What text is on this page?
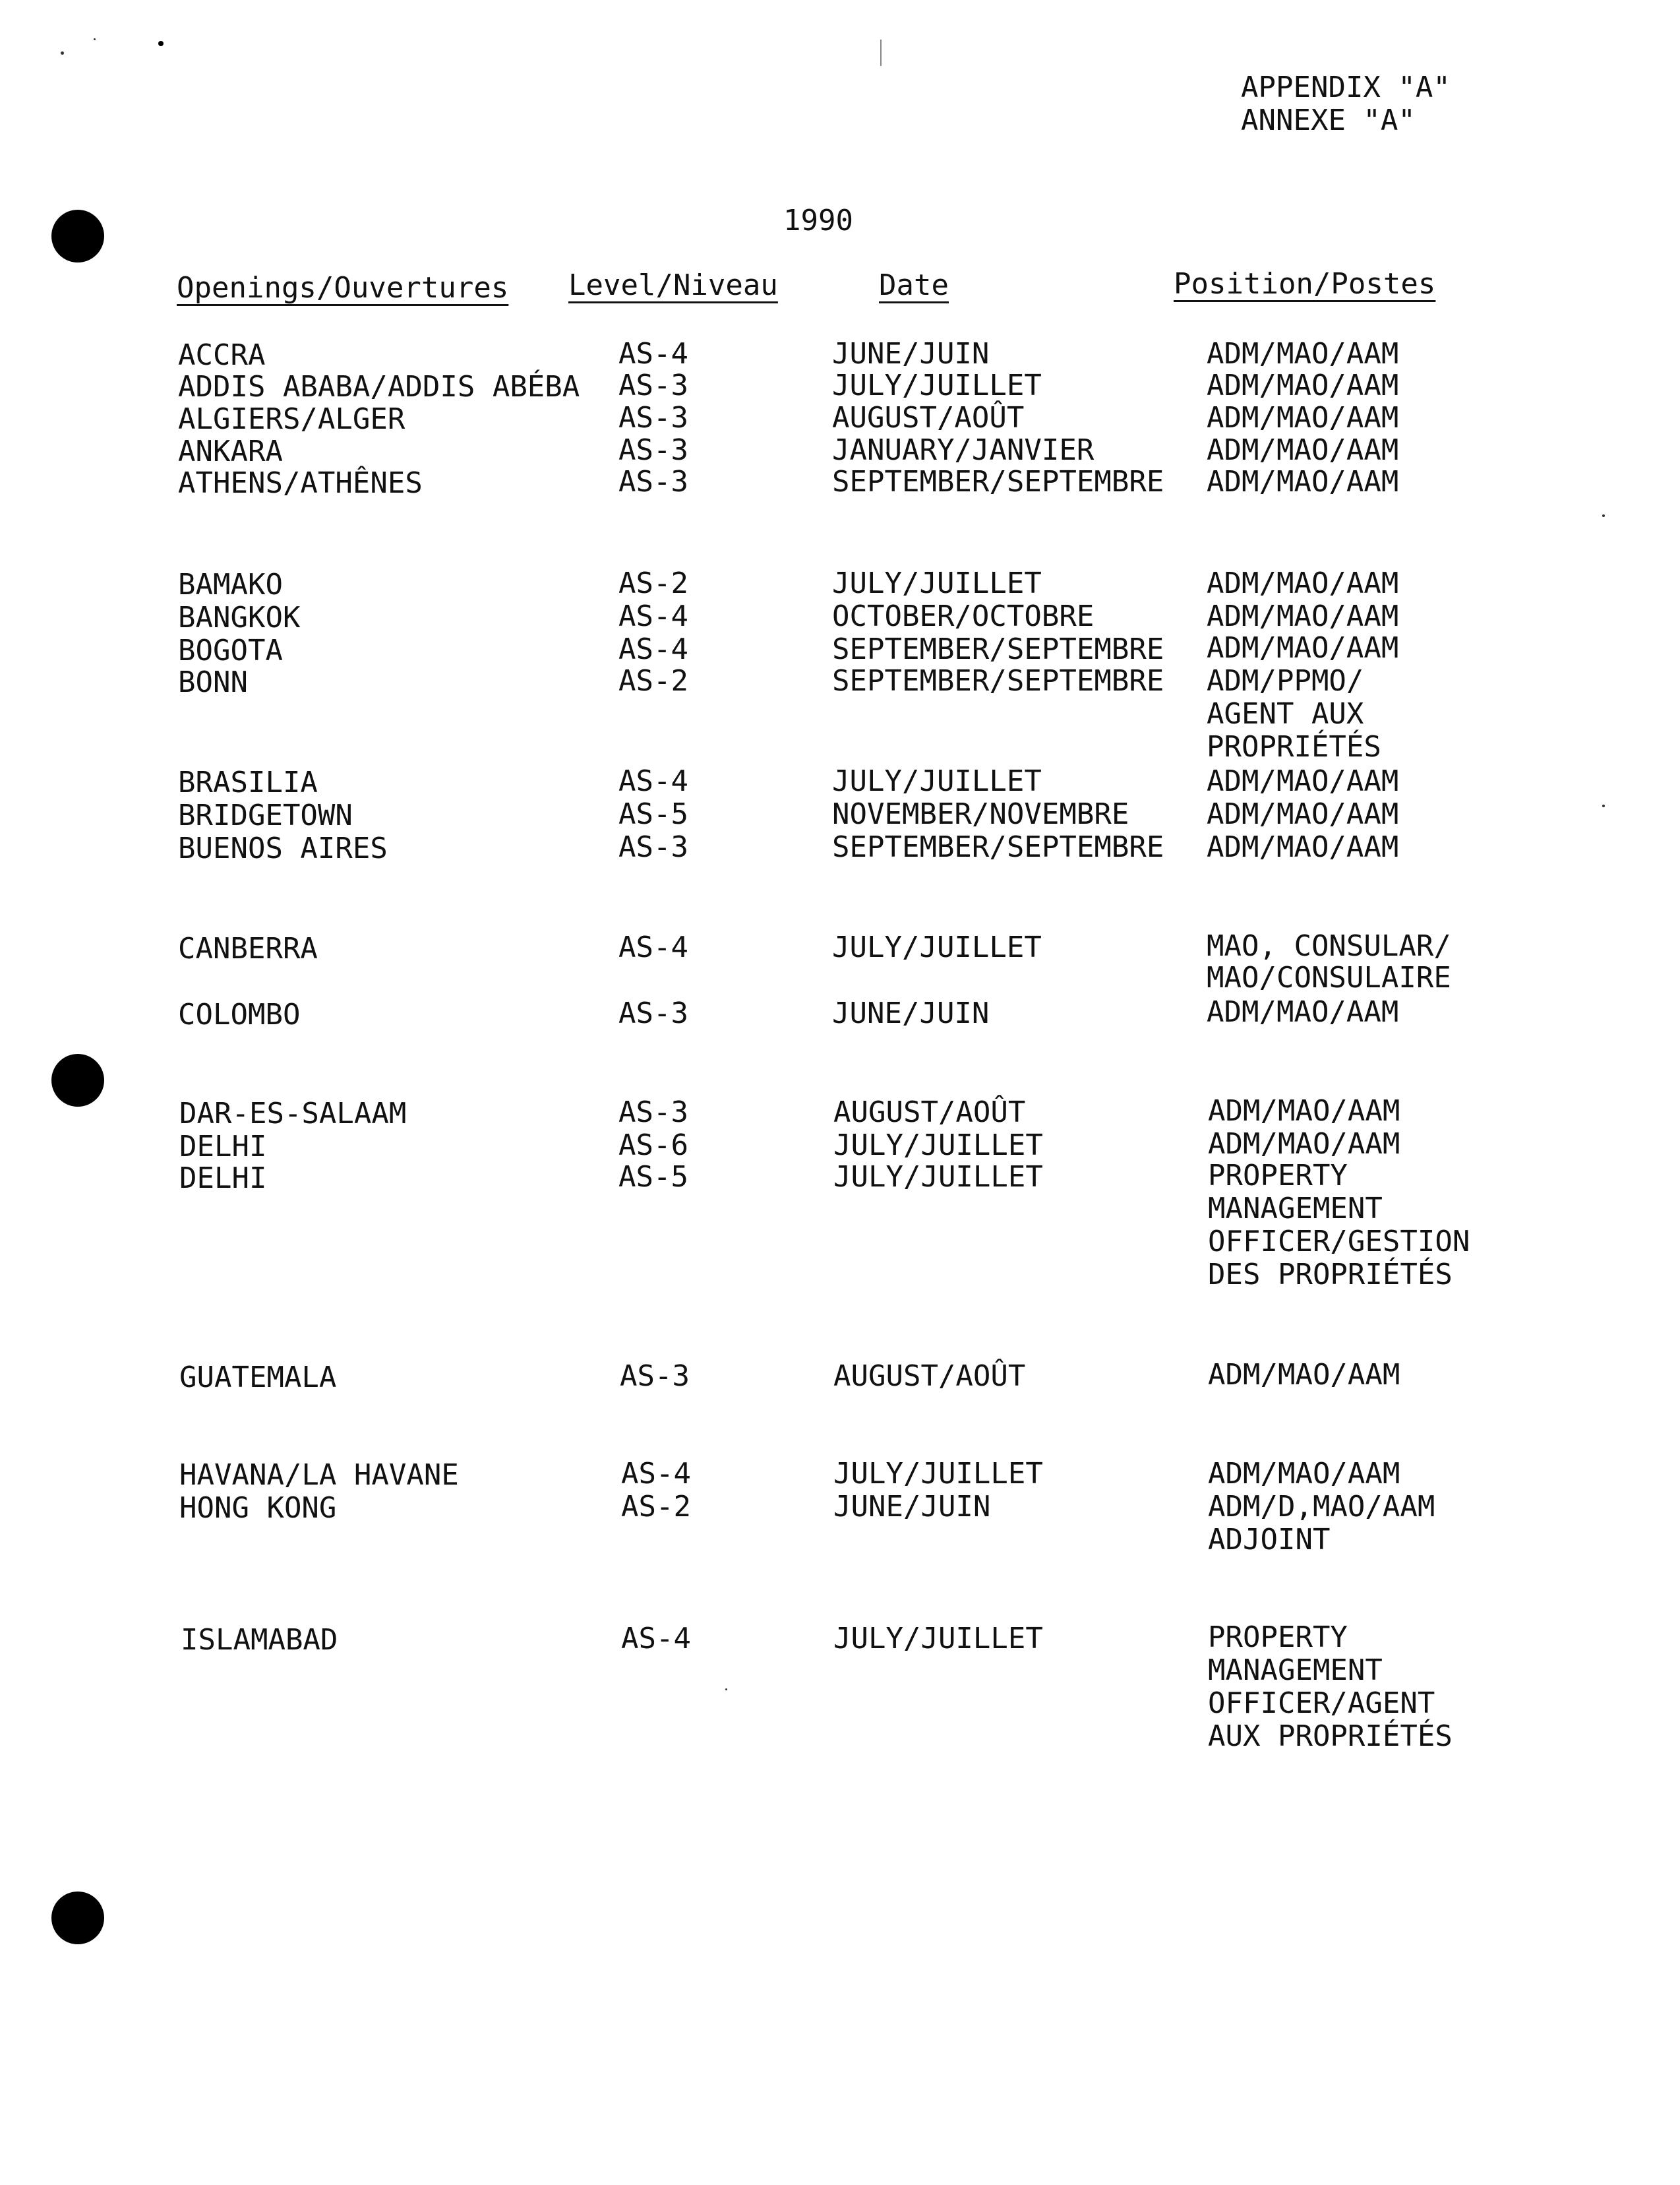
APPENDIX "A"
ANNEXE "A"
1990
Openings/Ouvertures Level/Niveau	Date	Position/Postes
ACCRA	AS-4	JUNE/JUIN	ADM/MAO/AAM
ADDIS ABABA/ADDIS ABÉBA AS-3	JULY/JUILLET	ADM/MAO/AAM
ALGIERS/ALGER	AS-3	AUGUST/AOÛT	ADM/MAO/AAM
ANKARA	AS-3	JANUARY/JANVIER	ADM/MAO/AAM
ATHENS/ATHÊNES	AS-3	SEPTEMBER/SEPTEMBRE ADM/MAO/AAM
BAMAKO	AS-2	JULY/JUILLET	ADM/MAO/AAM
BANGKOK	AS-4	OCTOBER/OCTOBRE	ADM/MAO/AAM
BOGOTA	AS-4	SEPTEMBER/SEPTEMBRE ADM/MAO/AAM
BONN	AS-2	SEPTEMBER/SEPTEMBRE ADM/PPMO/
AGENT AUX
PROPRIÉTÉS
BRASILIA	AS-4	JULY/JUILLET	ADM/MAO/AAM
BRIDGETOWN	AS-5	NOVEMBER/NOVEMBRE	ADM/MAO/AAM
BUENOS AIRES	AS-3	SEPTEMBER/SEPTEMBRE ADM/MAO/AAM
CANBERRA	AS-4	JULY/JUILLET	MAO, CONSULAR/
MAO/CONSULAIRE
COLOMBO	AS-3	JUNE/JUIN	ADM/MAO/AAM
DAR-ES-SALAAM	AS-3	AUGUST/AOÛT	ADM/MAO/AAM
DELHI	AS-6	JULY/JUILLET	ADM/MAO/AAM
DELHI	AS-5	JULY/JUILLET	PROPERTY
MANAGEMENT
OFFICER/GESTION
DES PROPRIÉTÉS
GUATEMALA	AS-3	AUGUST/AOÛT	ADM/MAO/AAM
HAVANA/LA HAVANE	AS-4	JULY/JUILLET	ADM/MAO/AAM
HONG KONG	AS-2	JUNE/JUIN	ADM/D,MAO/AAM
ADJOINT
ISLAMABAD	AS-4	JULY/JUILLET	PROPERTY
MANAGEMENT
OFFICER/AGENT
AUX PROPRIÉTÉS
